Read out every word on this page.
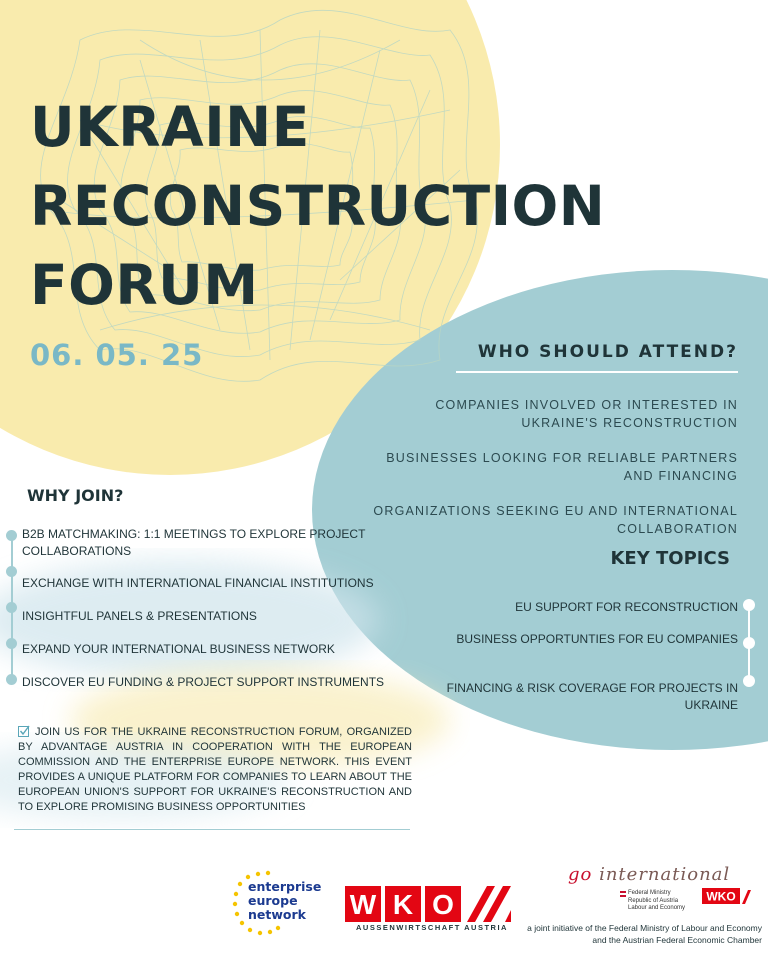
UKRAINE
RECONSTRUCTION
FORUM
06. 05. 25	WHO SHOULD ATTEND?
COMPANIES INVOLVED OR INTERESTED IN UKRAINE'S RECONSTRUCTION
BUSINESSES LOOKING FOR RELIABLE PARTNERS AND FINANCING
ORGANIZATIONS SEEKING EU AND INTERNATIONAL COLLABORATION
KEY TOPICS
EU SUPPORT FOR RECONSTRUCTION
BUSINESS OPPORTUNTIES FOR EU COMPANIES
FINANCING & RISK COVERAGE FOR PROJECTS IN UKRAINE
WHY JOIN?
B2B MATCHMAKING: 1:1 MEETINGS TO EXPLORE PROJECT COLLABORATIONS
EXCHANGE WITH INTERNATIONAL FINANCIAL INSTITUTIONS
INSIGHTFUL PANELS & PRESENTATIONS
EXPAND YOUR INTERNATIONAL BUSINESS NETWORK
DISCOVER EU FUNDING & PROJECT SUPPORT INSTRUMENTS
JOIN US FOR THE UKRAINE RECONSTRUCTION FORUM, ORGANIZED BY ADVANTAGE AUSTRIA IN COOPERATION WITH THE EUROPEAN COMMISSION AND THE ENTERPRISE EUROPE NETWORK. THIS EVENT PROVIDES A UNIQUE PLATFORM FOR COMPANIES TO LEARN ABOUT THE EUROPEAN UNION'S SUPPORT FOR UKRAINE'S RECONSTRUCTION AND TO EXPLORE PROMISING BUSINESS OPPORTUNITIES
enterprise
europe
network	W K O
AUSSENWIRTSCHAFT AUSTRIA
go international
Federal Ministry
Republic of Austria
Labour and Economy
WKO
a joint initiative of the Federal Ministry of Labour and Economy and the Austrian Federal Economic Chamber
